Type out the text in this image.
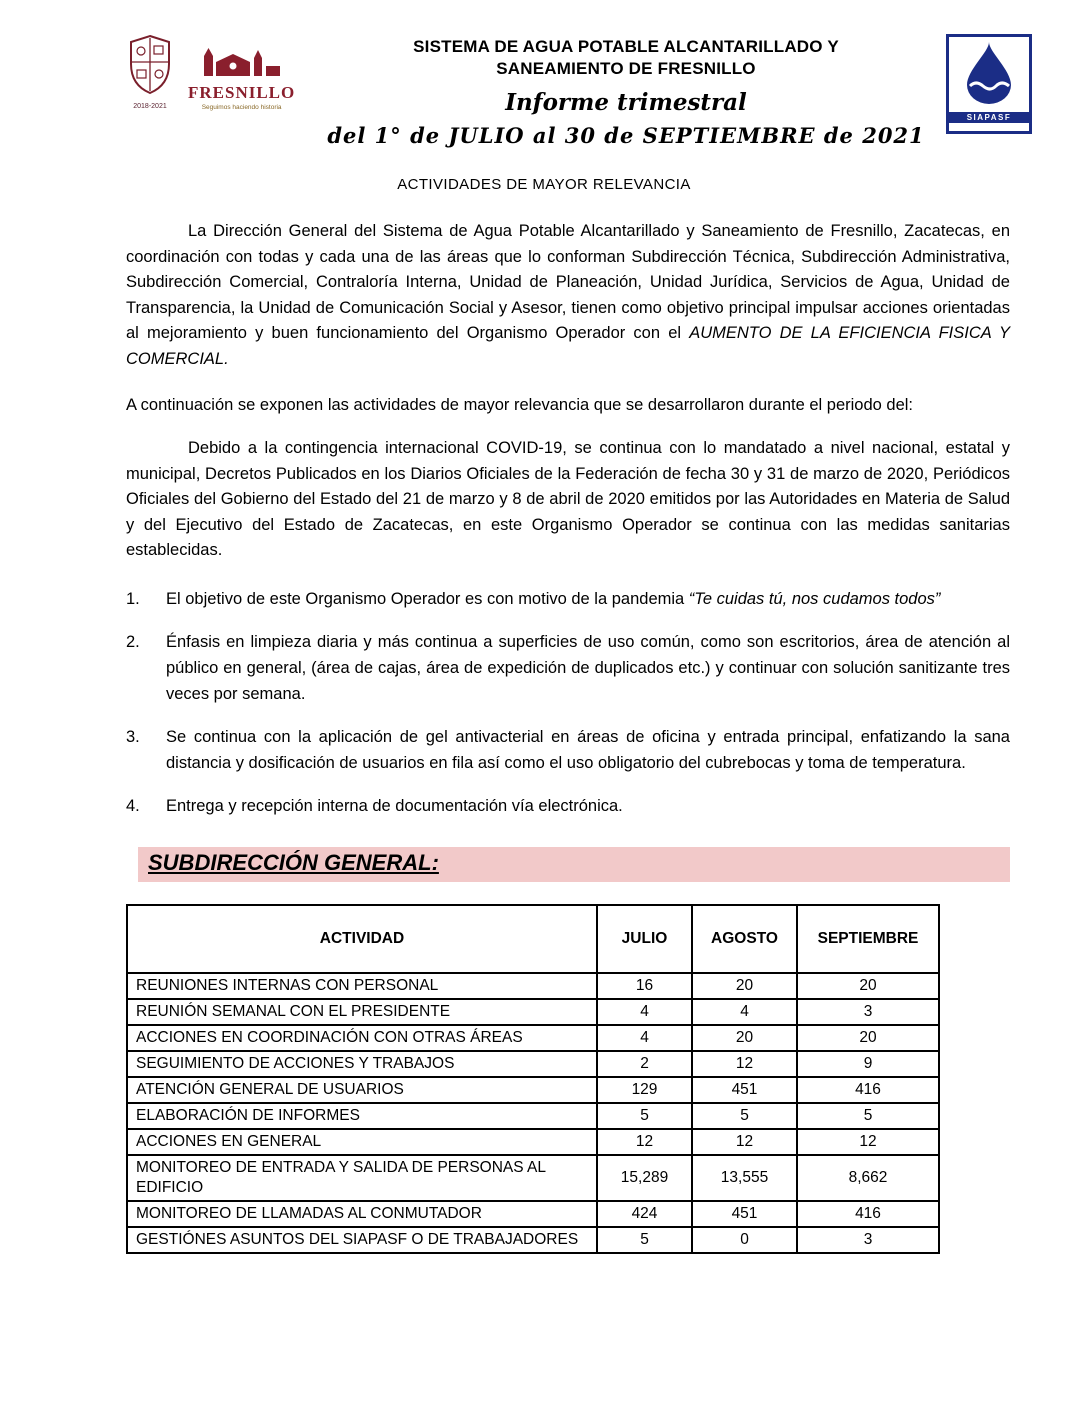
2018-2021
FRESNILLO
Seguimos haciendo historia
SISTEMA DE AGUA POTABLE ALCANTARILLADO Y
SANEAMIENTO DE FRESNILLO
Informe trimestral
del 1° de JULIO al 30 de SEPTIEMBRE de 2021
SIAPASF
ACTIVIDADES DE MAYOR RELEVANCIA

La Dirección General del Sistema de Agua Potable Alcantarillado y Saneamiento de Fresnillo, Zacatecas, en coordinación con todas y cada una de las áreas que lo conforman Subdirección Técnica, Subdirección Administrativa, Subdirección Comercial, Contraloría Interna, Unidad de Planeación, Unidad Jurídica, Servicios de Agua, Unidad de Transparencia, la Unidad de Comunicación Social y Asesor, tienen como objetivo principal impulsar acciones orientadas al mejoramiento y buen funcionamiento del Organismo Operador con el AUMENTO DE LA EFICIENCIA FISICA Y COMERCIAL.

A continuación se exponen las actividades de mayor relevancia que se desarrollaron durante el periodo del:

Debido a la contingencia internacional COVID-19, se continua con lo mandatado a nivel nacional, estatal y municipal, Decretos Publicados en los Diarios Oficiales de la Federación de fecha 30 y 31 de marzo de 2020, Periódicos Oficiales del Gobierno del Estado del 21 de marzo y 8 de abril de 2020 emitidos por las Autoridades en Materia de Salud y del Ejecutivo del Estado de Zacatecas, en este Organismo Operador se continua con las medidas sanitarias establecidas.

1.	El objetivo de este Organismo Operador es con motivo de la pandemia “Te cuidas tú, nos cudamos todos”
2.	Énfasis en limpieza diaria y más continua a superficies de uso común, como son escritorios, área de atención al público en general, (área de cajas, área de expedición de duplicados etc.) y continuar con solución sanitizante tres veces por semana.
3.	Se continua con la aplicación de gel antivacterial en áreas de oficina y entrada principal, enfatizando la sana distancia y dosificación de usuarios en fila así como el uso obligatorio del cubrebocas y toma de temperatura.
4.	Entrega y recepción interna de documentación vía electrónica.
SUBDIRECCIÓN GENERAL:
ACTIVIDAD	JULIO	AGOSTO	SEPTIEMBRE
REUNIONES INTERNAS CON PERSONAL	16	20	20
REUNIÓN SEMANAL CON EL PRESIDENTE	4	4	3
ACCIONES EN COORDINACIÓN CON OTRAS ÁREAS	4	20	20
SEGUIMIENTO DE ACCIONES Y TRABAJOS	2	12	9
ATENCIÓN GENERAL DE USUARIOS	129	451	416
ELABORACIÓN DE INFORMES	5	5	5
ACCIONES EN GENERAL	12	12	12
MONITOREO DE ENTRADA Y SALIDA DE PERSONAS AL EDIFICIO	15,289	13,555	8,662
MONITOREO DE LLAMADAS AL CONMUTADOR	424	451	416
GESTIÓNES ASUNTOS DEL SIAPASF O DE TRABAJADORES	5	0	3
